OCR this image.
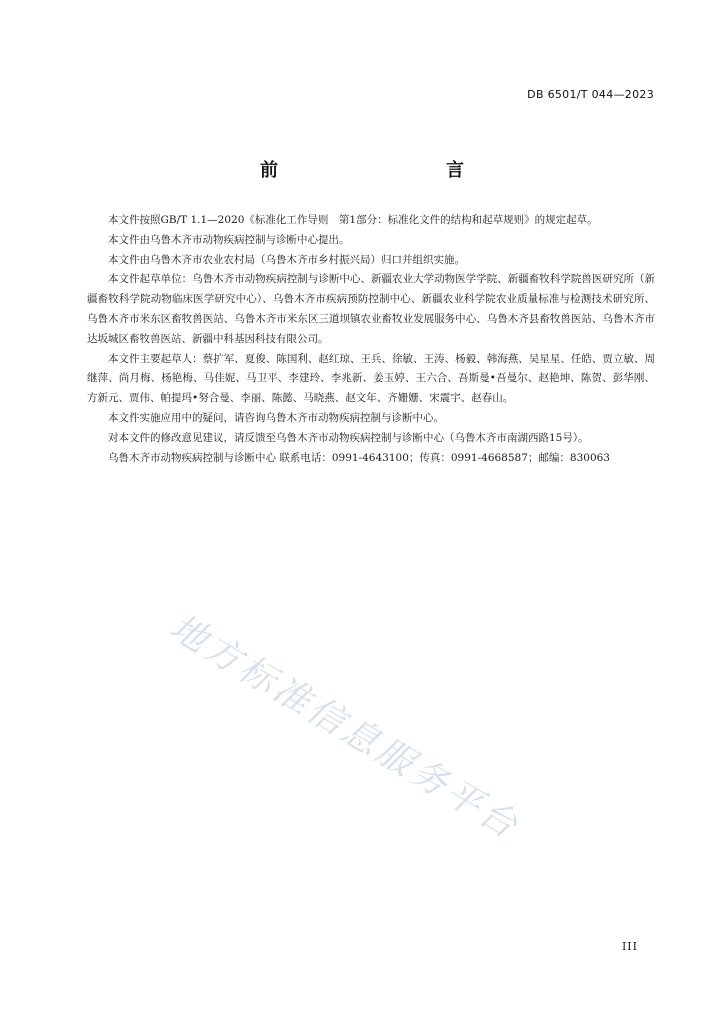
DB 6501/T 044—2023
前　　言

本文件按照GB/T 1.1—2020《标准化工作导则　第1部分：标准化文件的结构和起草规则》的规定起草。

本文件由乌鲁木齐市动物疾病控制与诊断中心提出。

本文件由乌鲁木齐市农业农村局（乌鲁木齐市乡村振兴局）归口并组织实施。

本文件起草单位：乌鲁木齐市动物疾病控制与诊断中心、新疆农业大学动物医学学院、新疆畜牧科学院兽医研究所（新疆畜牧科学院动物临床医学研究中心）、乌鲁木齐市疾病预防控制中心、新疆农业科学院农业质量标准与检测技术研究所、乌鲁木齐市米东区畜牧兽医站、乌鲁木齐市米东区三道坝镇农业畜牧业发展服务中心、乌鲁木齐县畜牧兽医站、乌鲁木齐市达坂城区畜牧兽医站、新疆中科基因科技有限公司。

本文件主要起草人：蔡扩军、夏俊、陈国利、赵红琼、王兵、徐敏、王涛、杨毅、韩海燕、吴星星、任皓、贾立敏、周继萍、尚月梅、杨艳梅、马佳妮、马卫平、李建玲、李兆新、姜玉婷、王六合、吾斯曼•吾曼尔、赵艳坤、陈贺、彭华刚、方新元、贾伟、帕提玛•努合曼、李丽、陈懿、马晓燕、赵文年、齐姗姗、宋震宇、赵春山。

本文件实施应用中的疑问，请咨询乌鲁木齐市动物疾病控制与诊断中心。

对本文件的修改意见建议，请反馈至乌鲁木齐市动物疾病控制与诊断中心（乌鲁木齐市南湖西路15号）。

乌鲁木齐市动物疾病控制与诊断中心 联系电话：0991-4643100；传真：0991-4668587；邮编：830063

地方标准信息服务平台
III
